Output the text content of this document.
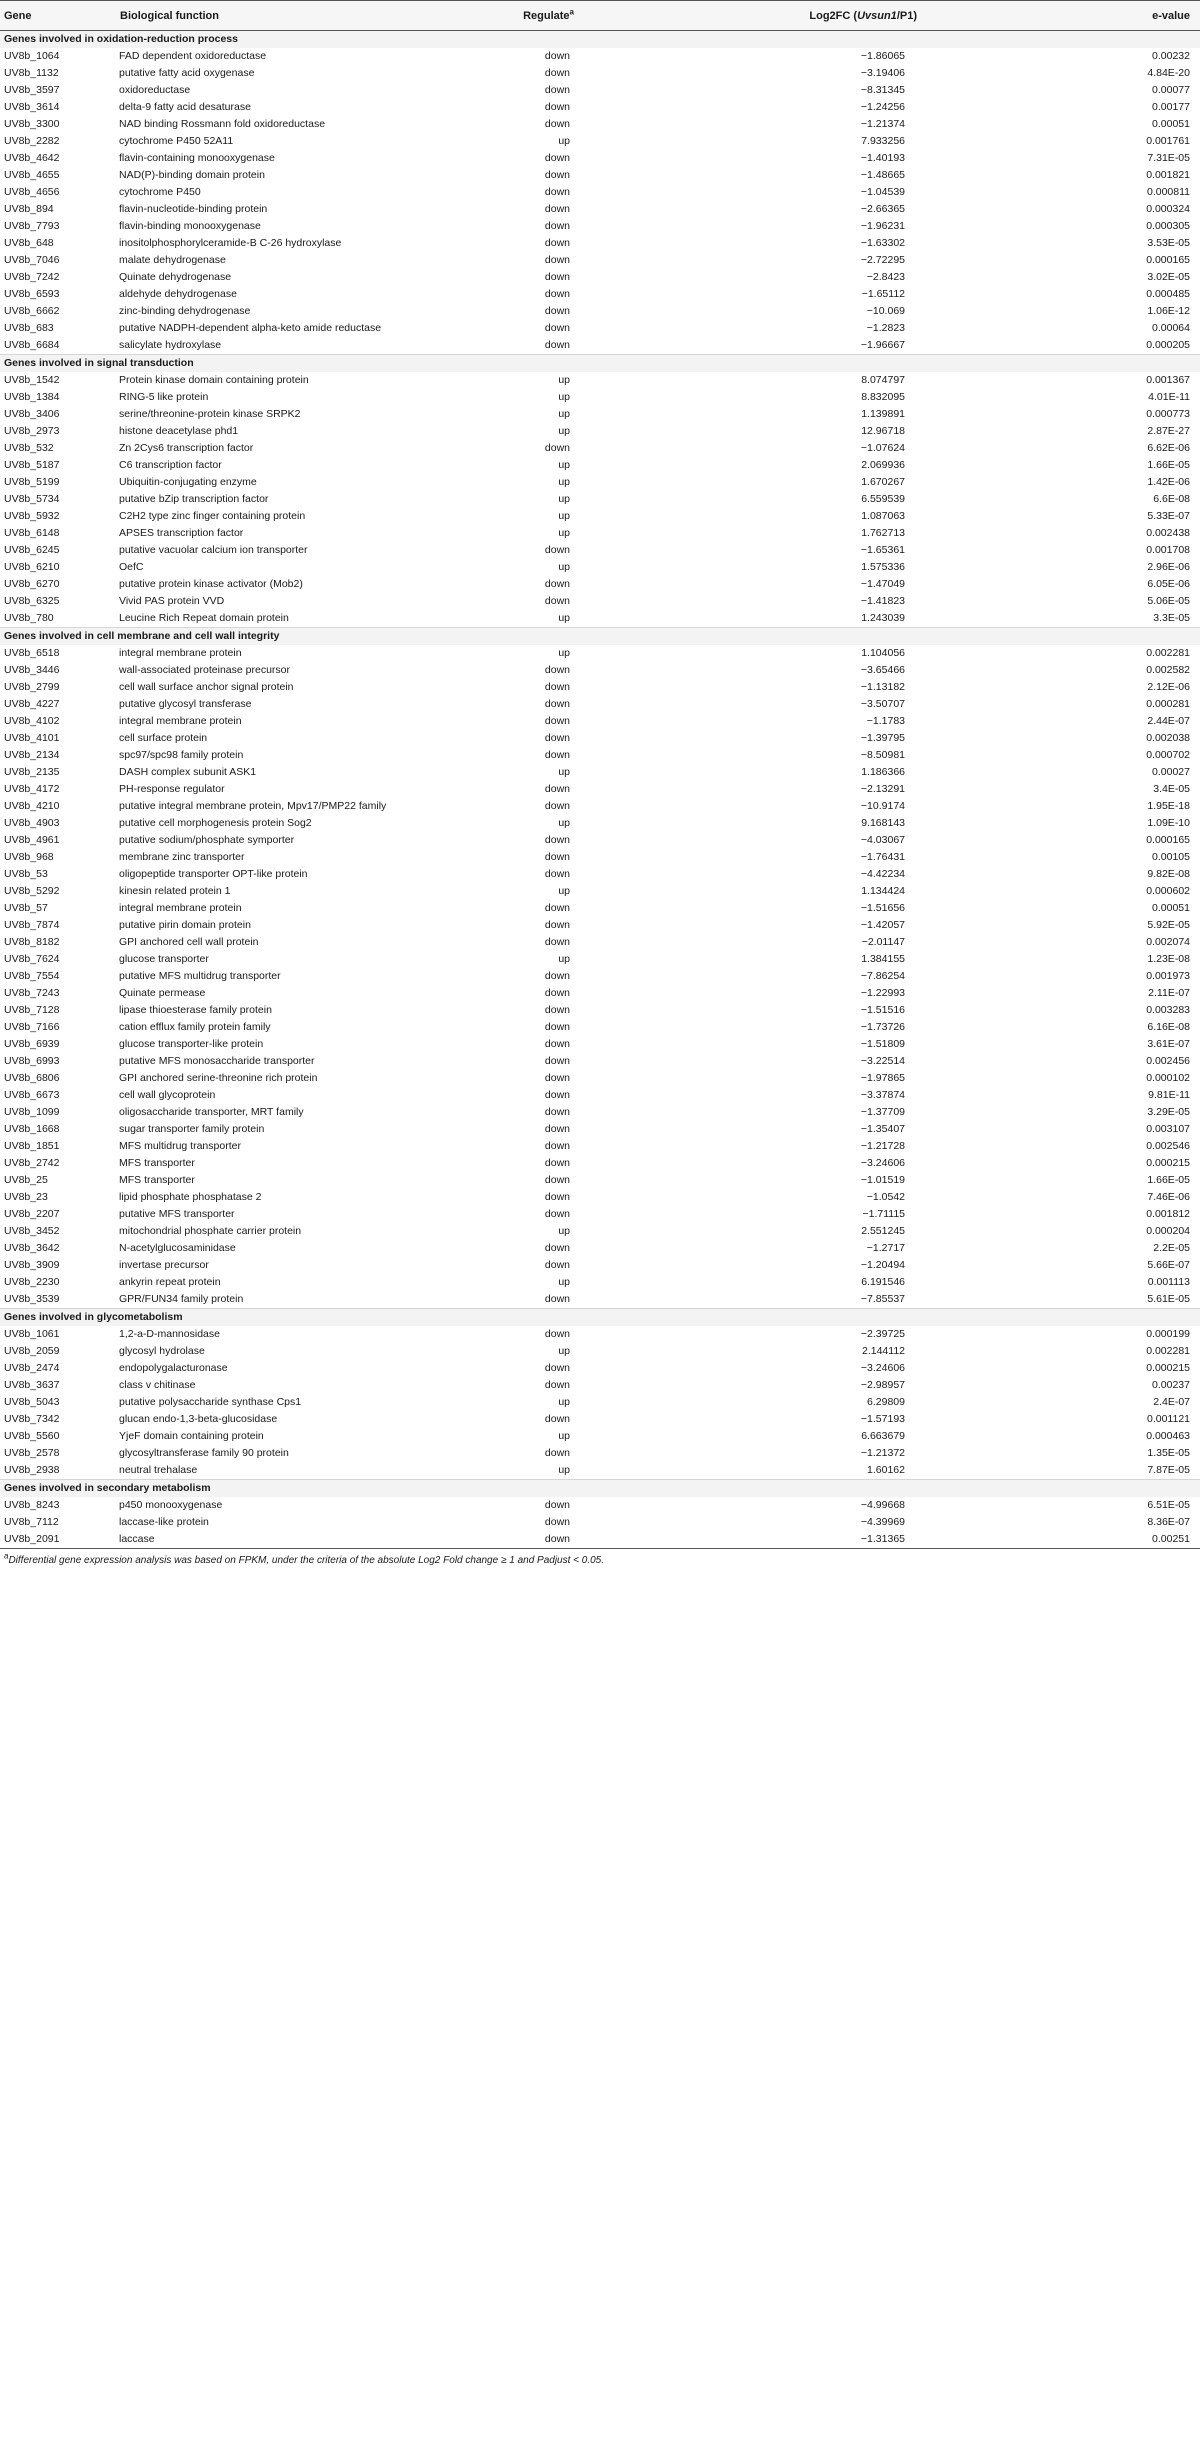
Gene	Biological function	Regulate$^a$	Log2FC (Uvsun1/P1)	e-value
Genes involved in oxidation-reduction process				
UV8b_1064	FAD dependent oxidoreductase	down	−1.86065	0.00232
UV8b_1132	putative fatty acid oxygenase	down	−3.19406	4.84E-20
UV8b_3597	oxidoreductase	down	−8.31345	0.00077
UV8b_3614	delta-9 fatty acid desaturase	down	−1.24256	0.00177
UV8b_3300	NAD binding Rossmann fold oxidoreductase	down	−1.21374	0.00051
UV8b_2282	cytochrome P450 52A11	up	7.933256	0.001761
UV8b_4642	flavin-containing monooxygenase	down	−1.40193	7.31E-05
UV8b_4655	NAD(P)-binding domain protein	down	−1.48665	0.001821
UV8b_4656	cytochrome P450	down	−1.04539	0.000811
UV8b_894	flavin-nucleotide-binding protein	down	−2.66365	0.000324
UV8b_7793	flavin-binding monooxygenase	down	−1.96231	0.000305
UV8b_648	inositolphosphorylceramide-B C-26 hydroxylase	down	−1.63302	3.53E-05
UV8b_7046	malate dehydrogenase	down	−2.72295	0.000165
UV8b_7242	Quinate dehydrogenase	down	−2.8423	3.02E-05
UV8b_6593	aldehyde dehydrogenase	down	−1.65112	0.000485
UV8b_6662	zinc-binding dehydrogenase	down	−10.069	1.06E-12
UV8b_683	putative NADPH-dependent alpha-keto amide reductase	down	−1.2823	0.00064
UV8b_6684	salicylate hydroxylase	down	−1.96667	0.000205
Genes involved in signal transduction				
UV8b_1542	Protein kinase domain containing protein	up	8.074797	0.001367
UV8b_1384	RING-5 like protein	up	8.832095	4.01E-11
UV8b_3406	serine/threonine-protein kinase SRPK2	up	1.139891	0.000773
UV8b_2973	histone deacetylase phd1	up	12.96718	2.87E-27
UV8b_532	Zn 2Cys6 transcription factor	down	−1.07624	6.62E-06
UV8b_5187	C6 transcription factor	up	2.069936	1.66E-05
UV8b_5199	Ubiquitin-conjugating enzyme	up	1.670267	1.42E-06
UV8b_5734	putative bZip transcription factor	up	6.559539	6.6E-08
UV8b_5932	C2H2 type zinc finger containing protein	up	1.087063	5.33E-07
UV8b_6148	APSES transcription factor	up	1.762713	0.002438
UV8b_6245	putative vacuolar calcium ion transporter	down	−1.65361	0.001708
UV8b_6210	OefC	up	1.575336	2.96E-06
UV8b_6270	putative protein kinase activator (Mob2)	down	−1.47049	6.05E-06
UV8b_6325	Vivid PAS protein VVD	down	−1.41823	5.06E-05
UV8b_780	Leucine Rich Repeat domain protein	up	1.243039	3.3E-05
Genes involved in cell membrane and cell wall integrity				
UV8b_6518	integral membrane protein	up	1.104056	0.002281
UV8b_3446	wall-associated proteinase precursor	down	−3.65466	0.002582
UV8b_2799	cell wall surface anchor signal protein	down	−1.13182	2.12E-06
UV8b_4227	putative glycosyl transferase	down	−3.50707	0.000281
UV8b_4102	integral membrane protein	down	−1.1783	2.44E-07
UV8b_4101	cell surface protein	down	−1.39795	0.002038
UV8b_2134	spc97/spc98 family protein	down	−8.50981	0.000702
UV8b_2135	DASH complex subunit ASK1	up	1.186366	0.00027
UV8b_4172	PH-response regulator	down	−2.13291	3.4E-05
UV8b_4210	putative integral membrane protein, Mpv17/PMP22 family	down	−10.9174	1.95E-18
UV8b_4903	putative cell morphogenesis protein Sog2	up	9.168143	1.09E-10
UV8b_4961	putative sodium/phosphate symporter	down	−4.03067	0.000165
UV8b_968	membrane zinc transporter	down	−1.76431	0.00105
UV8b_53	oligopeptide transporter OPT-like protein	down	−4.42234	9.82E-08
UV8b_5292	kinesin related protein 1	up	1.134424	0.000602
UV8b_57	integral membrane protein	down	−1.51656	0.00051
UV8b_7874	putative pirin domain protein	down	−1.42057	5.92E-05
UV8b_8182	GPI anchored cell wall protein	down	−2.01147	0.002074
UV8b_7624	glucose transporter	up	1.384155	1.23E-08
UV8b_7554	putative MFS multidrug transporter	down	−7.86254	0.001973
UV8b_7243	Quinate permease	down	−1.22993	2.11E-07
UV8b_7128	lipase thioesterase family protein	down	−1.51516	0.003283
UV8b_7166	cation efflux family protein family	down	−1.73726	6.16E-08
UV8b_6939	glucose transporter-like protein	down	−1.51809	3.61E-07
UV8b_6993	putative MFS monosaccharide transporter	down	−3.22514	0.002456
UV8b_6806	GPI anchored serine-threonine rich protein	down	−1.97865	0.000102
UV8b_6673	cell wall glycoprotein	down	−3.37874	9.81E-11
UV8b_1099	oligosaccharide transporter, MRT family	down	−1.37709	3.29E-05
UV8b_1668	sugar transporter family protein	down	−1.35407	0.003107
UV8b_1851	MFS multidrug transporter	down	−1.21728	0.002546
UV8b_2742	MFS transporter	down	−3.24606	0.000215
UV8b_25	MFS transporter	down	−1.01519	1.66E-05
UV8b_23	lipid phosphate phosphatase 2	down	−1.0542	7.46E-06
UV8b_2207	putative MFS transporter	down	−1.71115	0.001812
UV8b_3452	mitochondrial phosphate carrier protein	up	2.551245	0.000204
UV8b_3642	N-acetylglucosaminidase	down	−1.2717	2.2E-05
UV8b_3909	invertase precursor	down	−1.20494	5.66E-07
UV8b_2230	ankyrin repeat protein	up	6.191546	0.001113
UV8b_3539	GPR/FUN34 family protein	down	−7.85537	5.61E-05
Genes involved in glycometabolism				
UV8b_1061	1,2-a-D-mannosidase	down	−2.39725	0.000199
UV8b_2059	glycosyl hydrolase	up	2.144112	0.002281
UV8b_2474	endopolygalacturonase	down	−3.24606	0.000215
UV8b_3637	class v chitinase	down	−2.98957	0.00237
UV8b_5043	putative polysaccharide synthase Cps1	up	6.29809	2.4E-07
UV8b_7342	glucan endo-1,3-beta-glucosidase	down	−1.57193	0.001121
UV8b_5560	YjeF domain containing protein	up	6.663679	0.000463
UV8b_2578	glycosyltransferase family 90 protein	down	−1.21372	1.35E-05
UV8b_2938	neutral trehalase	up	1.60162	7.87E-05
Genes involved in secondary metabolism				
UV8b_8243	p450 monooxygenase	down	−4.99668	6.51E-05
UV8b_7112	laccase-like protein	down	−4.39969	8.36E-07
UV8b_2091	laccase	down	−1.31365	0.00251
$^a$Differential gene expression analysis was based on FPKM, under the criteria of the absolute Log2 Fold change ≥ 1 and Padjust < 0.05.
